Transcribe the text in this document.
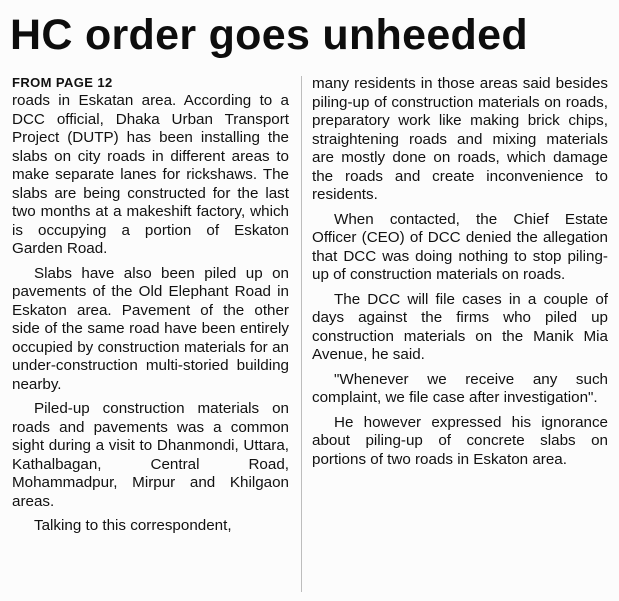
HC order goes unheeded
FROM PAGE 12

roads in Eskatan area. According to a DCC official, Dhaka Urban Transport Project (DUTP) has been installing the slabs on city roads in different areas to make separate lanes for rickshaws. The slabs are being constructed for the last two months at a makeshift factory, which is occupying a portion of Eskaton Garden Road.

Slabs have also been piled up on pavements of the Old Elephant Road in Eskaton area. Pavement of the other side of the same road have been entirely occupied by construction materials for an under-construction multi-storied building nearby.

Piled-up construction materials on roads and pavements was a common sight during a visit to Dhanmondi, Uttara, Kathalbagan, Central Road, Mohammadpur, Mirpur and Khilgaon areas.

Talking to this correspondent,

many residents in those areas said besides piling-up of construction materials on roads, preparatory work like making brick chips, straightening roads and mixing materials are mostly done on roads, which damage the roads and create inconvenience to residents.

When contacted, the Chief Estate Officer (CEO) of DCC denied the allegation that DCC was doing nothing to stop piling-up of construction materials on roads.

The DCC will file cases in a couple of days against the firms who piled up construction materials on the Manik Mia Avenue, he said.

"Whenever we receive any such complaint, we file case after investigation".

He however expressed his ignorance about piling-up of concrete slabs on portions of two roads in Eskaton area.
